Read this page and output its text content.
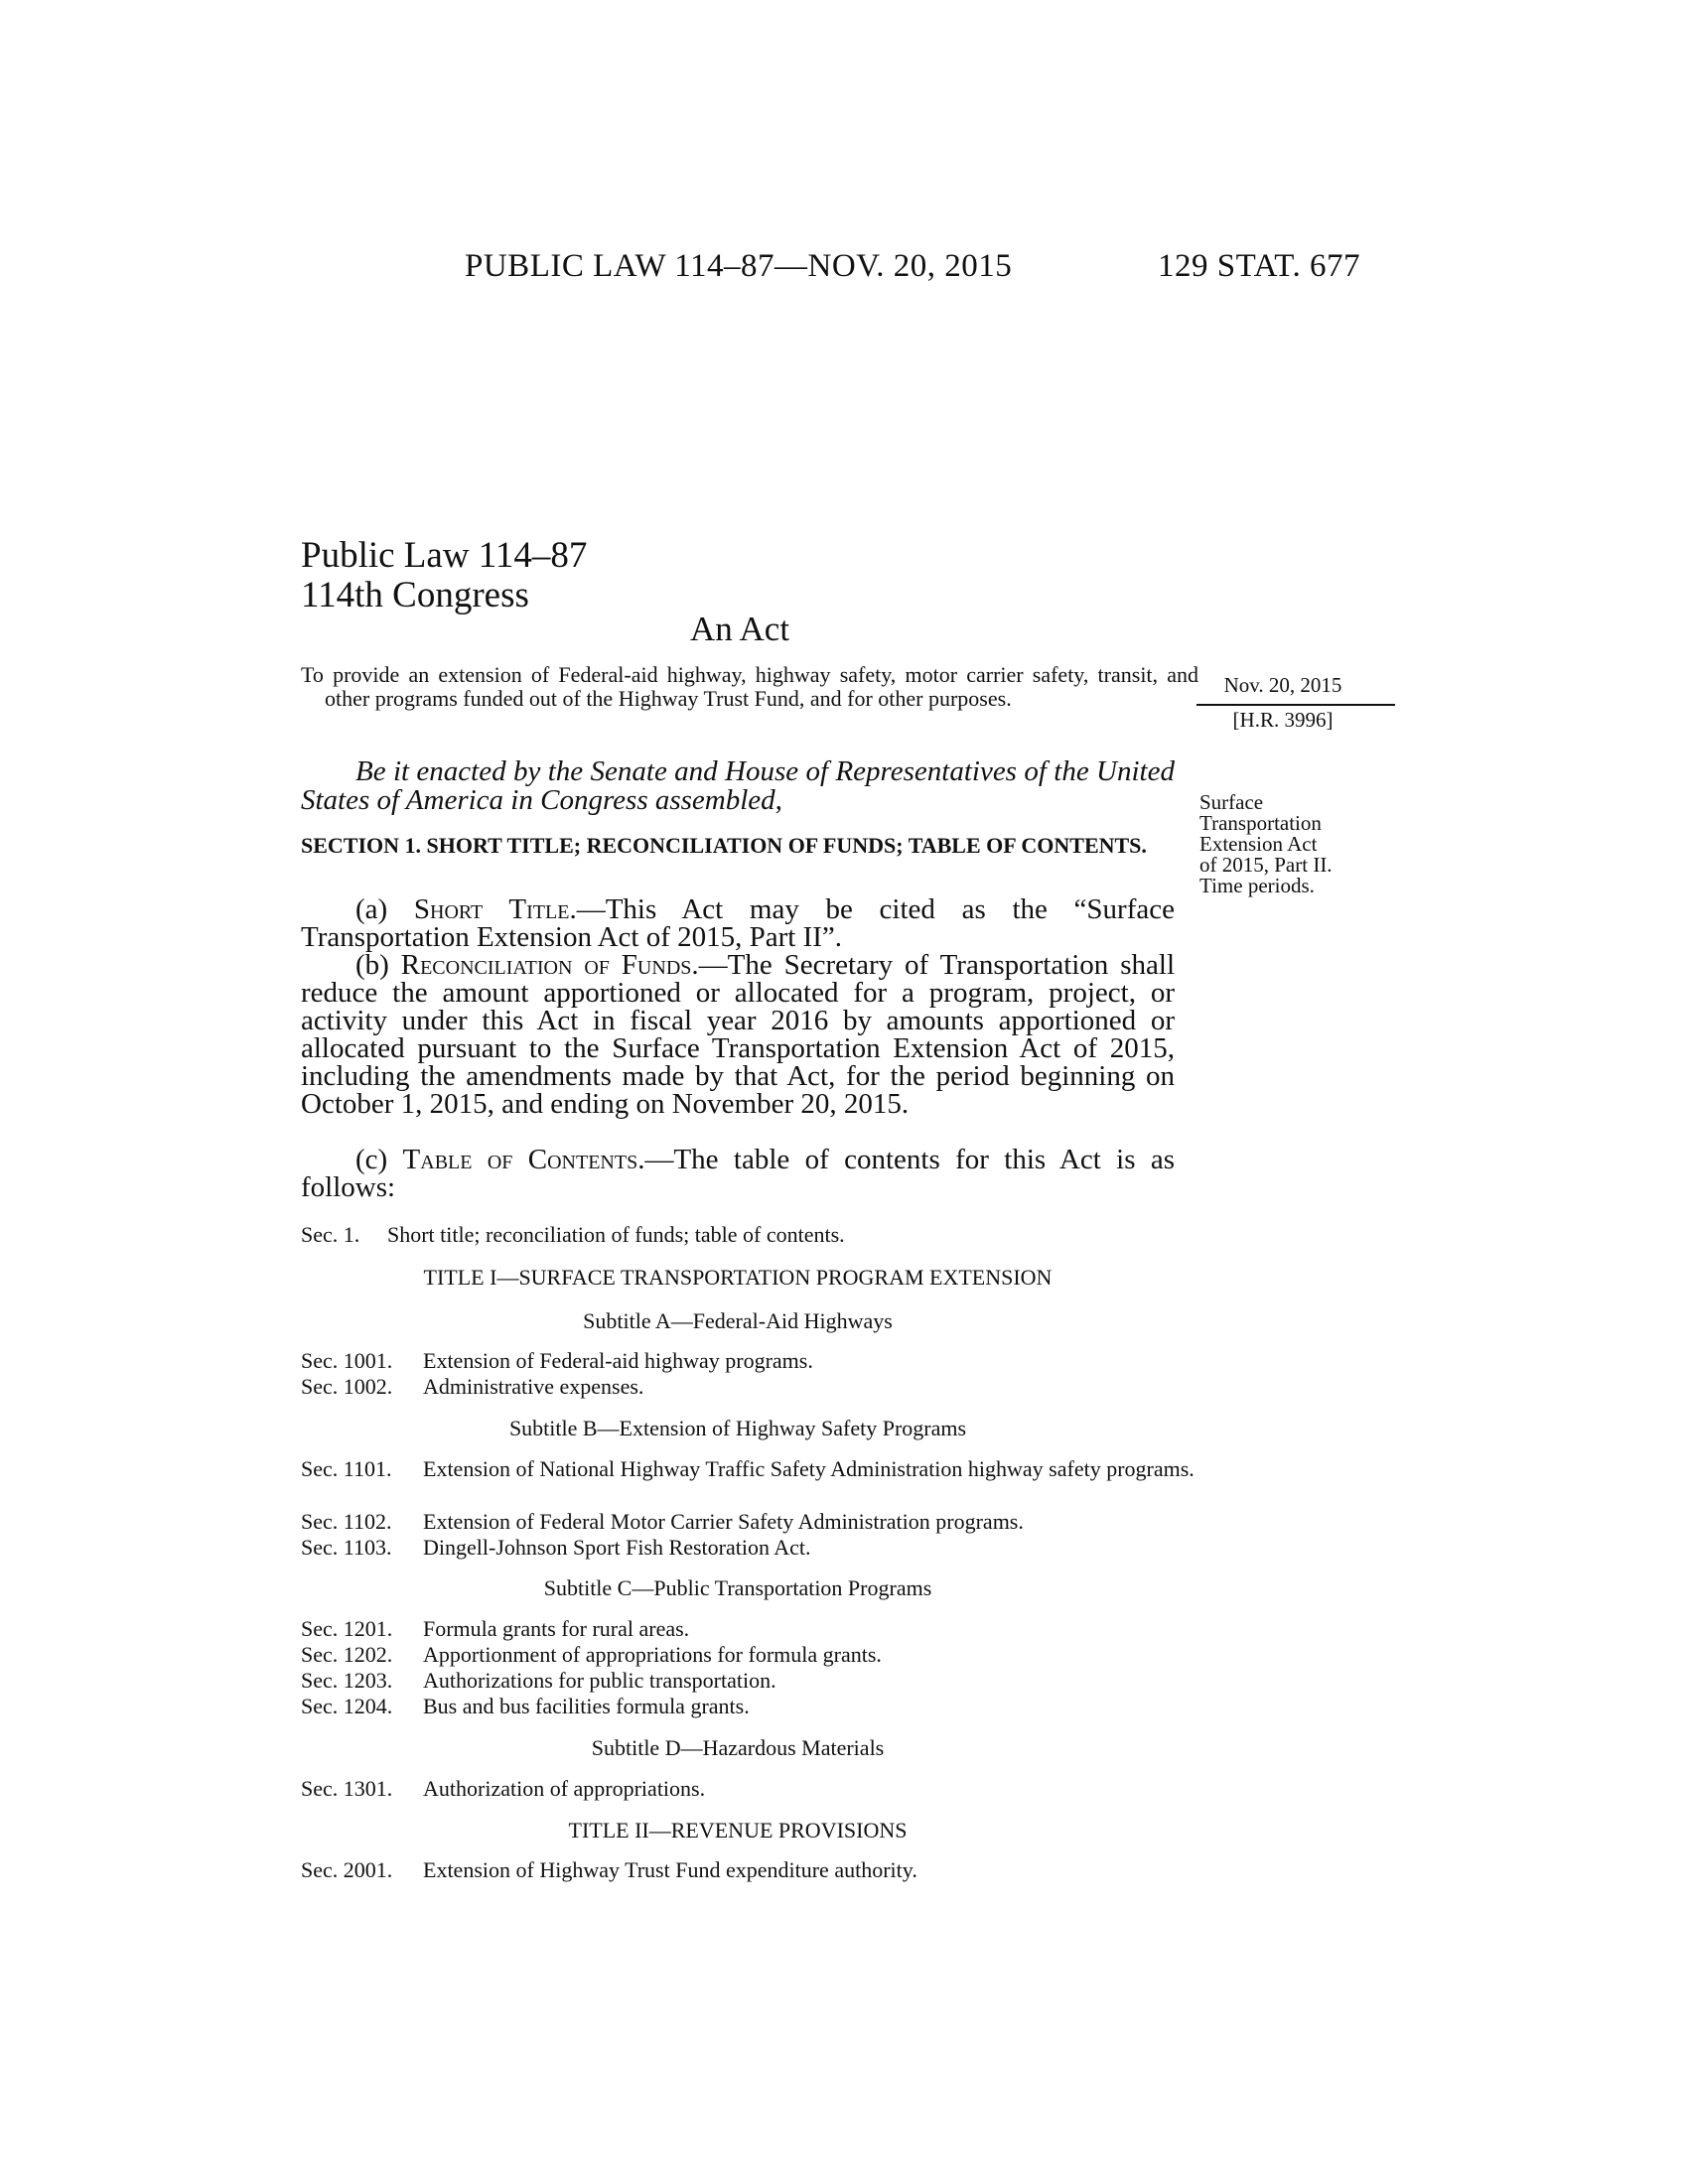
PUBLIC LAW 114–87—NOV. 20, 2015	129 STAT. 677
Public Law 114–87
114th Congress
An Act
To provide an extension of Federal-aid highway, highway safety, motor carrier safety, transit, and other programs funded out of the Highway Trust Fund, and for other purposes.
Nov. 20, 2015
[H.R. 3996]
Surface
Transportation
Extension Act
of 2015, Part II.
Time periods.
Be it enacted by the Senate and House of Representatives of the United States of America in Congress assembled,
SECTION 1. SHORT TITLE; RECONCILIATION OF FUNDS; TABLE OF CONTENTS.
(a) Short Title.—This Act may be cited as the “Surface Transportation Extension Act of 2015, Part II”.
(b) Reconciliation of Funds.—The Secretary of Transportation shall reduce the amount apportioned or allocated for a program, project, or activity under this Act in fiscal year 2016 by amounts apportioned or allocated pursuant to the Surface Transportation Extension Act of 2015, including the amendments made by that Act, for the period beginning on October 1, 2015, and ending on November 20, 2015.
(c) Table of Contents.—The table of contents for this Act is as follows:
Sec. 1. Short title; reconciliation of funds; table of contents.
TITLE I—SURFACE TRANSPORTATION PROGRAM EXTENSION
Subtitle A—Federal-Aid Highways
Sec. 1001. Extension of Federal-aid highway programs.
Sec. 1002. Administrative expenses.
Subtitle B—Extension of Highway Safety Programs
Sec. 1101. Extension of National Highway Traffic Safety Administration highway safety programs.
Sec. 1102. Extension of Federal Motor Carrier Safety Administration programs.
Sec. 1103. Dingell-Johnson Sport Fish Restoration Act.
Subtitle C—Public Transportation Programs
Sec. 1201. Formula grants for rural areas.
Sec. 1202. Apportionment of appropriations for formula grants.
Sec. 1203. Authorizations for public transportation.
Sec. 1204. Bus and bus facilities formula grants.
Subtitle D—Hazardous Materials
Sec. 1301. Authorization of appropriations.
TITLE II—REVENUE PROVISIONS
Sec. 2001. Extension of Highway Trust Fund expenditure authority.
